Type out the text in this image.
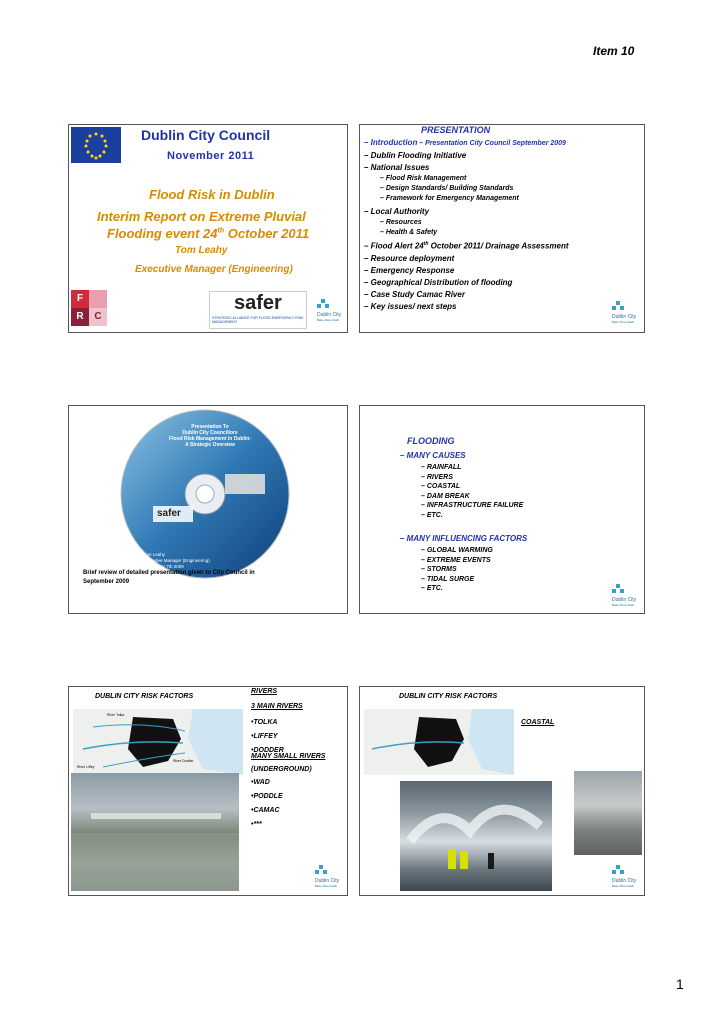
Item 10
Dublin City Council
November 2011
Flood Risk in Dublin
Interim Report on Extreme Pluvial
Flooding event 24th October 2011
Tom Leahy
Executive Manager (Engineering)
F
R	C
safer
STRATEGIC ALLIANCE FOR FLOOD EMERGENCY RISK MANAGEMENT
Dublin City
Baile Átha Cliath
PRESENTATION
– Introduction – Presentation City Council September 2009
– Dublin Flooding Initiative
– National Issues
– Flood Risk Management
– Design Standards/ Building Standards
– Framework for Emergency Management
– Local Authority
– Resources
– Health & Safety
– Flood Alert 24th October 2011/ Drainage Assessment
– Resource deployment
– Emergency Response
– Geographical Distribution of flooding
– Case Study Camac River
– Key issues/ next steps
Dublin City
Baile Átha Cliath
Presentation To
Dublin City Councillors
Flood Risk Management in Dublin:
A Strategic Overview
safer
Tom Leahy
Executive Manager (Engineering)
September 7th 2009
Brief review of detailed presentation given to City Council in
September 2009
FLOODING
– MANY CAUSES
– RAINFALL
– RIVERS
– COASTAL
– DAM BREAK
– INFRASTRUCTURE FAILURE
– ETC.
– MANY INFLUENCING FACTORS
– GLOBAL WARMING
– EXTREME EVENTS
– STORMS
– TIDAL SURGE
– ETC.
Dublin City
Baile Átha Cliath
DUBLIN CITY RISK FACTORS
River Tolka
River Liffey
River Dodder
RIVERS
3 MAIN RIVERS
•TOLKA
•LIFFEY
•DODDER
MANY SMALL RIVERS
(UNDERGROUND)
•WAD
•PODDLE
•CAMAC
•***
Dublin City
Baile Átha Cliath
DUBLIN CITY RISK FACTORS
COASTAL
Dublin City
Baile Átha Cliath
1
